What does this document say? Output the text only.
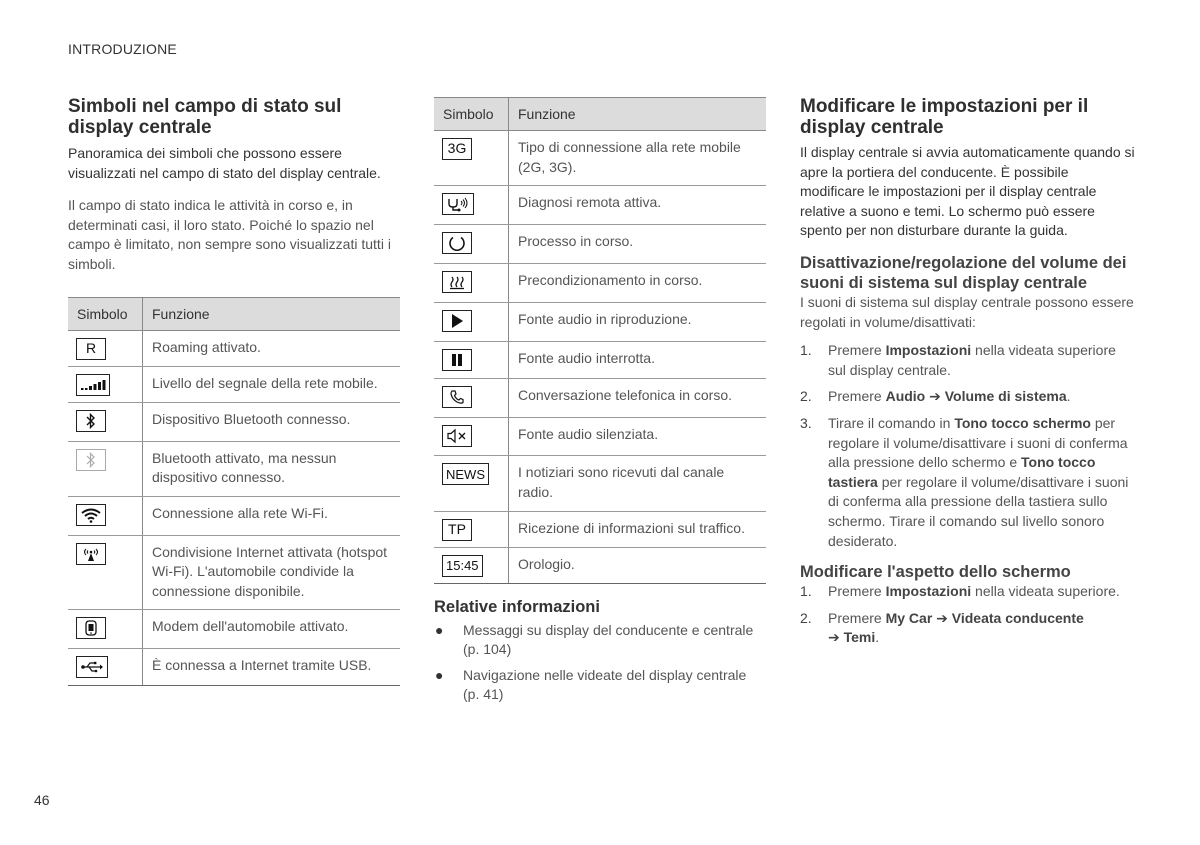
INTRODUZIONE
Simboli nel campo di stato sul display centrale

Panoramica dei simboli che possono essere visualizzati nel campo di stato del display centrale.

Il campo di stato indica le attività in corso e, in determinati casi, il loro stato. Poiché lo spazio nel campo è limitato, non sempre sono visualizzati tutti i simboli.

Simbolo	Funzione
R	Roaming attivato.

	Livello del segnale della rete mobile.

	Dispositivo Bluetooth connesso.

	Bluetooth attivato, ma nessun dispositivo connesso.

	Connessione alla rete Wi-Fi.

	Condivisione Internet attivata (hotspot Wi-Fi). L'automobile condivide la connessione disponibile.

	Modem dell'automobile attivato.

	È connessa a Internet tramite USB.
Simbolo	Funzione
3G	Tipo di connessione alla rete mobile (2G, 3G).

	Diagnosi remota attiva.

	Processo in corso.

	Precondizionamento in corso.

	Fonte audio in riproduzione.

	Fonte audio interrotta.

	Conversazione telefonica in corso.

	Fonte audio silenziata.
NEWS	I notiziari sono ricevuti dal canale radio.
TP	Ricezione di informazioni sul traffico.
15:45	Orologio.
Relative informazioni
● Messaggi su display del conducente e centrale (p. 104)
● Navigazione nelle videate del display centrale (p. 41)
Modificare le impostazioni per il display centrale

Il display centrale si avvia automaticamente quando si apre la portiera del conducente. È possibile modificare le impostazioni per il display centrale relative a suono e temi. Lo schermo può essere spento per non disturbare durante la guida.

Disattivazione/regolazione del volume dei suoni di sistema sul display centrale

I suoni di sistema sul display centrale possono essere regolati in volume/disattivati:

1. Premere Impostazioni nella videata superiore sul display centrale.
2. Premere Audio ➔ Volume di sistema.
3. Tirare il comando in Tono tocco schermo per regolare il volume/disattivare i suoni di conferma alla pressione dello schermo e Tono tocco tastiera per regolare il volume/disattivare i suoni di conferma alla pressione della tastiera sullo schermo. Tirare il comando sul livello sonoro desiderato.
Modificare l'aspetto dello schermo
1. Premere Impostazioni nella videata superiore.
2. Premere My Car ➔ Videata conducente
➔ Temi.
46
